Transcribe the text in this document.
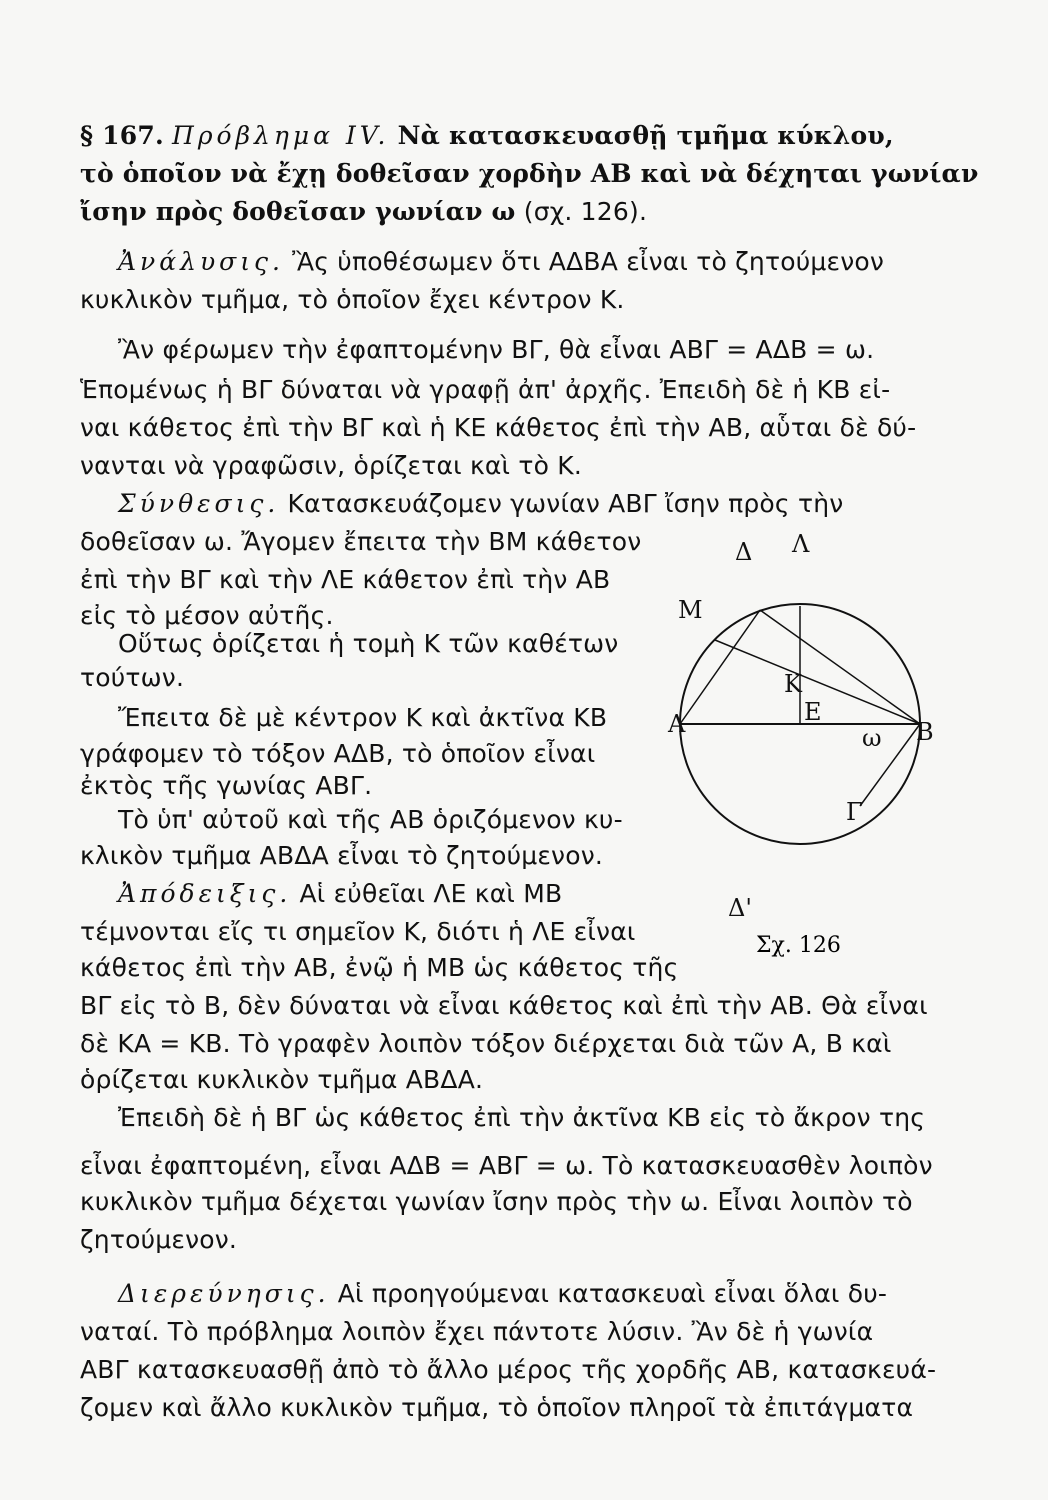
§ 167. Πρόβλημα IV. Νὰ κατασκευασθῇ τμῆμα κύκλου,
τὸ ὁποῖον νὰ ἔχῃ δοθεῖσαν χορδὴν ΑΒ καὶ νὰ δέχηται γωνίαν
ἴσην πρὸς δοθεῖσαν γωνίαν ω (σχ. 126).
Ἀνάλυσις. Ἂς ὑποθέσωμεν ὅτι ΑΔΒΑ εἶναι τὸ ζητούμενον
κυκλικὸν τμῆμα, τὸ ὁποῖον ἔχει κέντρον Κ.
Ἂν φέρωμεν τὴν ἐφαπτομένην ΒΓ, θὰ εἶναι ΑΒΓ = ΑΔΒ = ω.
Ἑπομένως ἡ ΒΓ δύναται νὰ γραφῇ ἀπ' ἀρχῆς. Ἐπειδὴ δὲ ἡ ΚΒ εἰ-
ναι κάθετος ἐπὶ τὴν ΒΓ καὶ ἡ ΚΕ κάθετος ἐπὶ τὴν ΑΒ, αὗται δὲ δύ-
νανται νὰ γραφῶσιν, ὁρίζεται καὶ τὸ Κ.
Σύνθεσις. Κατασκευάζομεν γωνίαν ΑΒΓ ἴσην πρὸς τὴν
δοθεῖσαν ω. Ἄγομεν ἔπειτα τὴν ΒΜ κάθετον
ἐπὶ τὴν ΒΓ καὶ τὴν ΛΕ κάθετον ἐπὶ τὴν ΑΒ
εἰς τὸ μέσον αὐτῆς.
Οὕτως ὁρίζεται ἡ τομὴ Κ τῶν καθέτων
τούτων.
Ἔπειτα δὲ μὲ κέντρον Κ καὶ ἀκτῖνα ΚΒ
γράφομεν τὸ τόξον ΑΔΒ, τὸ ὁποῖον εἶναι
ἐκτὸς τῆς γωνίας ΑΒΓ.
Τὸ ὑπ' αὐτοῦ καὶ τῆς ΑΒ ὁριζόμενον κυ-
κλικὸν τμῆμα ΑΒΔΑ εἶναι τὸ ζητούμενον.
Ἀπόδειξις. Αἱ εὐθεῖαι ΛΕ καὶ ΜΒ
τέμνονται εἴς τι σημεῖον Κ, διότι ἡ ΛΕ εἶναι
κάθετος ἐπὶ τὴν ΑΒ, ἐνῷ ἡ ΜΒ ὡς κάθετος τῆς
ΒΓ εἰς τὸ Β, δὲν δύναται νὰ εἶναι κάθετος καὶ ἐπὶ τὴν ΑΒ. Θὰ εἶναι
δὲ ΚΑ = ΚΒ. Τὸ γραφὲν λοιπὸν τόξον διέρχεται διὰ τῶν Α, Β καὶ
ὁρίζεται κυκλικὸν τμῆμα ΑΒΔΑ.
Ἐπειδὴ δὲ ἡ ΒΓ ὡς κάθετος ἐπὶ τὴν ἀκτῖνα ΚΒ εἰς τὸ ἄκρον της
εἶναι ἐφαπτομένη, εἶναι ΑΔΒ = ΑΒΓ = ω. Τὸ κατασκευασθὲν λοιπὸν
κυκλικὸν τμῆμα δέχεται γωνίαν ἴσην πρὸς τὴν ω. Εἶναι λοιπὸν τὸ
ζητούμενον.
Διερεύνησις. Αἱ προηγούμεναι κατασκευαὶ εἶναι ὅλαι δυ-
ναταί. Τὸ πρόβλημα λοιπὸν ἔχει πάντοτε λύσιν. Ἂν δὲ ἡ γωνία
ΑΒΓ κατασκευασθῇ ἀπὸ τὸ ἄλλο μέρος τῆς χορδῆς ΑΒ, κατασκευά-
ζομεν καὶ ἄλλο κυκλικὸν τμῆμα, τὸ ὁποῖον πληροῖ τὰ ἐπιτάγματα
Δ Λ
Μ
Κ
Α	Ε
ω Β
Γ
Δ'
Σχ. 126
